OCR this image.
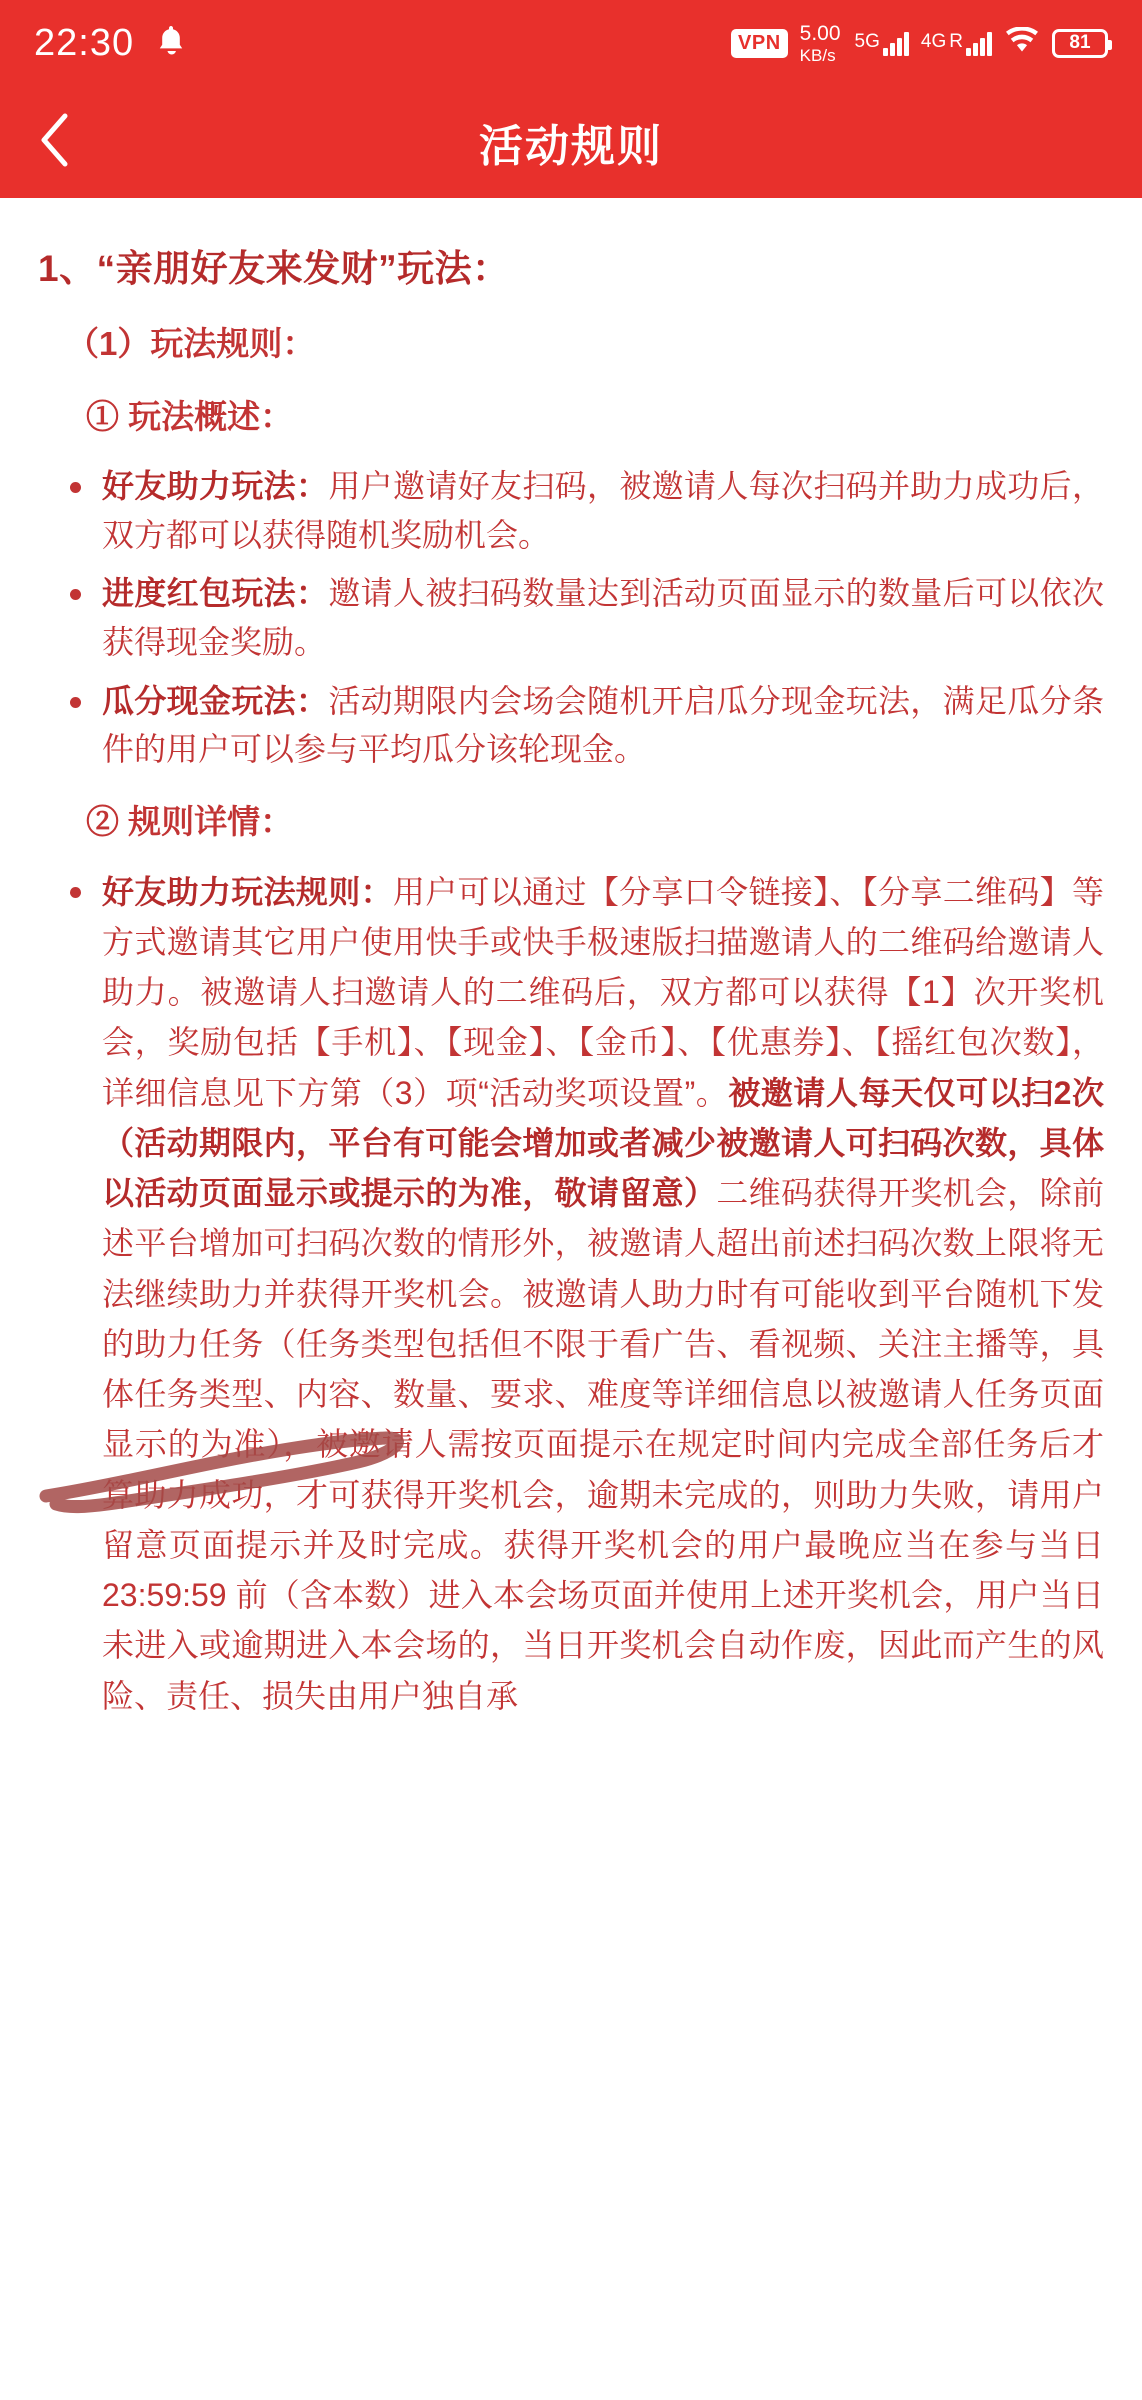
22:30	VPN 5.00
KB/s
5G 4G R	81
活动规则
1、“亲朋好友来发财”玩法：
（1）玩法规则：
① 玩法概述：
好友助力玩法：用户邀请好友扫码，被邀请人每次扫码并助力成功后，双方都可以获得随机奖励机会。
进度红包玩法：邀请人被扫码数量达到活动页面显示的数量后可以依次获得现金奖励。
瓜分现金玩法：活动期限内会场会随机开启瓜分现金玩法，满足瓜分条件的用户可以参与平均瓜分该轮现金。
② 规则详情：
好友助力玩法规则：用户可以通过【分享口令链接】、【分享二维码】等方式邀请其它用户使用快手或快手极速版扫描邀请人的二维码给邀请人助力。被邀请人扫邀请人的二维码后，双方都可以获得【1】次开奖机会，奖励包括【手机】、【现金】、【金币】、【优惠券】、【摇红包次数】，详细信息见下方第（3）项“活动奖项设置”。被邀请人每天仅可以扫2次（活动期限内，平台有可能会增加或者减少被邀请人可扫码次数，具体以活动页面显示或提示的为准，敬请留意）二维码获得开奖机会，除前述平台增加可扫码次数的情形外，被邀请人超出前述扫码次数上限将无法继续助力并获得开奖机会。被邀请人助力时有可能收到平台随机下发的助力任务（任务类型包括但不限于看广告、看视频、关注主播等，具体任务类型、内容、数量、要求、难度等详细信息以被邀请人任务页面显示的为准），被邀请人需按页面提示在规定时间内完成全部任务后才算助力成功，才可获得开奖机会，逾期未完成的，则助力失败，请用户留意页面提示并及时完成。获得开奖机会的用户最晚应当在参与当日23:59:59 前（含本数）进入本会场页面并使用上述开奖机会，用户当日未进入或逾期进入本会场的，当日开奖机会自动作废，因此而产生的风险、责任、损失由用户独自承
